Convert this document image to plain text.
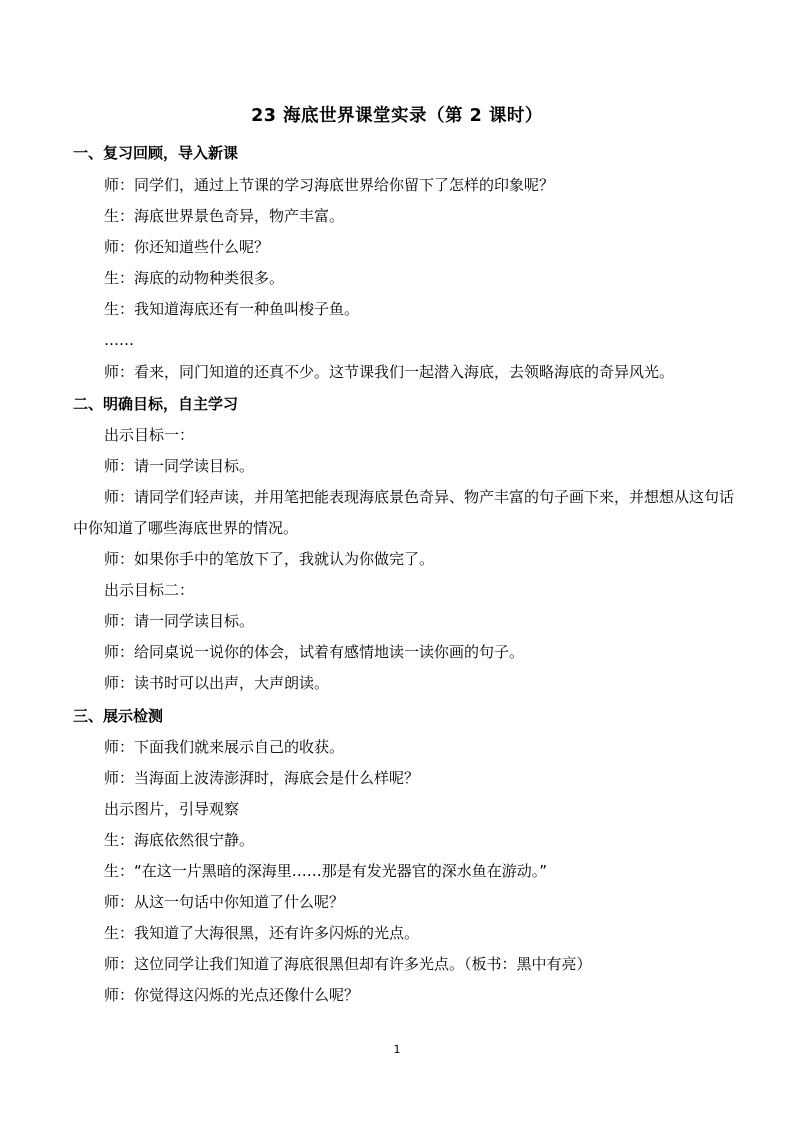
23 海底世界课堂实录（第 2 课时）
一、复习回顾，导入新课
师：同学们，通过上节课的学习海底世界给你留下了怎样的印象呢？
生：海底世界景色奇异，物产丰富。
师：你还知道些什么呢？
生：海底的动物种类很多。
生：我知道海底还有一种鱼叫梭子鱼。
……
师：看来，同门知道的还真不少。这节课我们一起潜入海底，去领略海底的奇异风光。
二、明确目标，自主学习
出示目标一：
师：请一同学读目标。
师：请同学们轻声读，并用笔把能表现海底景色奇异、物产丰富的句子画下来，并想想从这句话中你知道了哪些海底世界的情况。
师：如果你手中的笔放下了，我就认为你做完了。
出示目标二：
师：请一同学读目标。
师：给同桌说一说你的体会，试着有感情地读一读你画的句子。
师：读书时可以出声，大声朗读。
三、展示检测
师：下面我们就来展示自己的收获。
师：当海面上波涛澎湃时，海底会是什么样呢？
出示图片，引导观察
生：海底依然很宁静。
生：“在这一片黑暗的深海里……那是有发光器官的深水鱼在游动。”
师：从这一句话中你知道了什么呢？
生：我知道了大海很黑，还有许多闪烁的光点。
师：这位同学让我们知道了海底很黑但却有许多光点。（板书：黑中有亮）
师：你觉得这闪烁的光点还像什么呢？
1
